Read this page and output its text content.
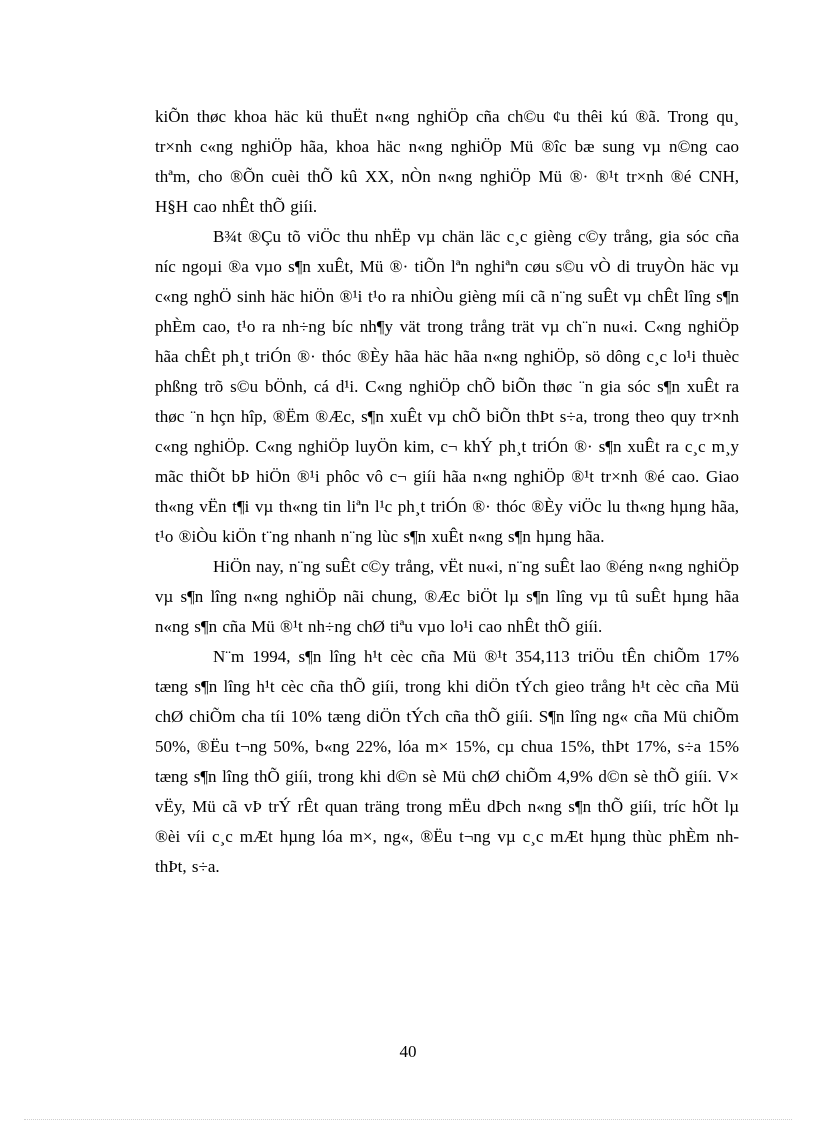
kiÕn thøc khoa häc kü thuËt n«ng nghiÖp cña ch©u ¢u thêi kú ®ã. Trong qu¸ tr×nh c«ng nghiÖp hãa, khoa häc n«ng nghiÖp Mü ®îc bæ sung vµ n©ng cao thªm, cho ®Õn cuèi thÕ kû XX, nÒn n«ng nghiÖp Mü ®· ®¹t tr×nh ®é CNH, H§H cao nhÊt thÕ giíi.

B¾t ®Çu tõ viÖc thu nhËp vµ chän läc c¸c gièng c©y trång, gia sóc cña níc ngoµi ®a vµo s¶n xuÊt, Mü ®· tiÕn lªn nghiªn cøu s©u vÒ di truyÒn häc vµ c«ng nghÖ sinh häc hiÖn ®¹i t¹o ra nhiÒu gièng míi cã n¨ng suÊt vµ chÊt lîng s¶n phÈm cao, t¹o ra nh÷ng bíc nh¶y vät trong trång trät vµ ch¨n nu«i. C«ng nghiÖp hãa chÊt ph¸t triÓn ®· thóc ®Èy hãa häc hãa n«ng nghiÖp, sö dông c¸c lo¹i thuèc phßng trõ s©u bÖnh, cá d¹i. C«ng nghiÖp chÕ biÕn thøc ¨n gia sóc s¶n xuÊt ra thøc ¨n hçn hîp, ®Ëm ®Æc, s¶n xuÊt vµ chÕ biÕn thÞt s÷a, trong theo quy tr×nh c«ng nghiÖp. C«ng nghiÖp luyÖn kim, c¬ khÝ ph¸t triÓn ®· s¶n xuÊt ra c¸c m¸y mãc thiÕt bÞ hiÖn ®¹i phôc vô c¬ giíi hãa n«ng nghiÖp ®¹t tr×nh ®é cao. Giao th«ng vËn t¶i vµ th«ng tin liªn l¹c ph¸t triÓn ®· thóc ®Èy viÖc lu th«ng hµng hãa, t¹o ®iÒu kiÖn t¨ng nhanh n¨ng lùc s¶n xuÊt n«ng s¶n hµng hãa.

HiÖn nay, n¨ng suÊt c©y trång, vËt nu«i, n¨ng suÊt lao ®éng n«ng nghiÖp vµ s¶n lîng n«ng nghiÖp nãi chung, ®Æc biÖt lµ s¶n lîng vµ tû suÊt hµng hãa n«ng s¶n cña Mü ®¹t nh÷ng chØ tiªu vµo lo¹i cao nhÊt thÕ giíi.

N¨m 1994, s¶n lîng h¹t cèc cña Mü ®¹t 354,113 triÖu tÊn chiÕm 17% tæng s¶n lîng h¹t cèc cña thÕ giíi, trong khi diÖn tÝch gieo trång h¹t cèc cña Mü chØ chiÕm cha tíi 10% tæng diÖn tÝch cña thÕ giíi. S¶n lîng ng« cña Mü chiÕm 50%, ®Ëu t¬ng 50%, b«ng 22%, lóa m× 15%, cµ chua 15%, thÞt 17%, s÷a 15% tæng s¶n lîng thÕ giíi, trong khi d©n sè Mü chØ chiÕm 4,9% d©n sè thÕ giíi. V× vËy, Mü cã vÞ trÝ rÊt quan träng trong mËu dÞch n«ng s¶n thÕ giíi, tríc hÕt lµ ®èi víi c¸c mÆt hµng lóa m×, ng«, ®Ëu t¬ng vµ c¸c mÆt hµng thùc phÈm nh thÞt, s÷a.

40
